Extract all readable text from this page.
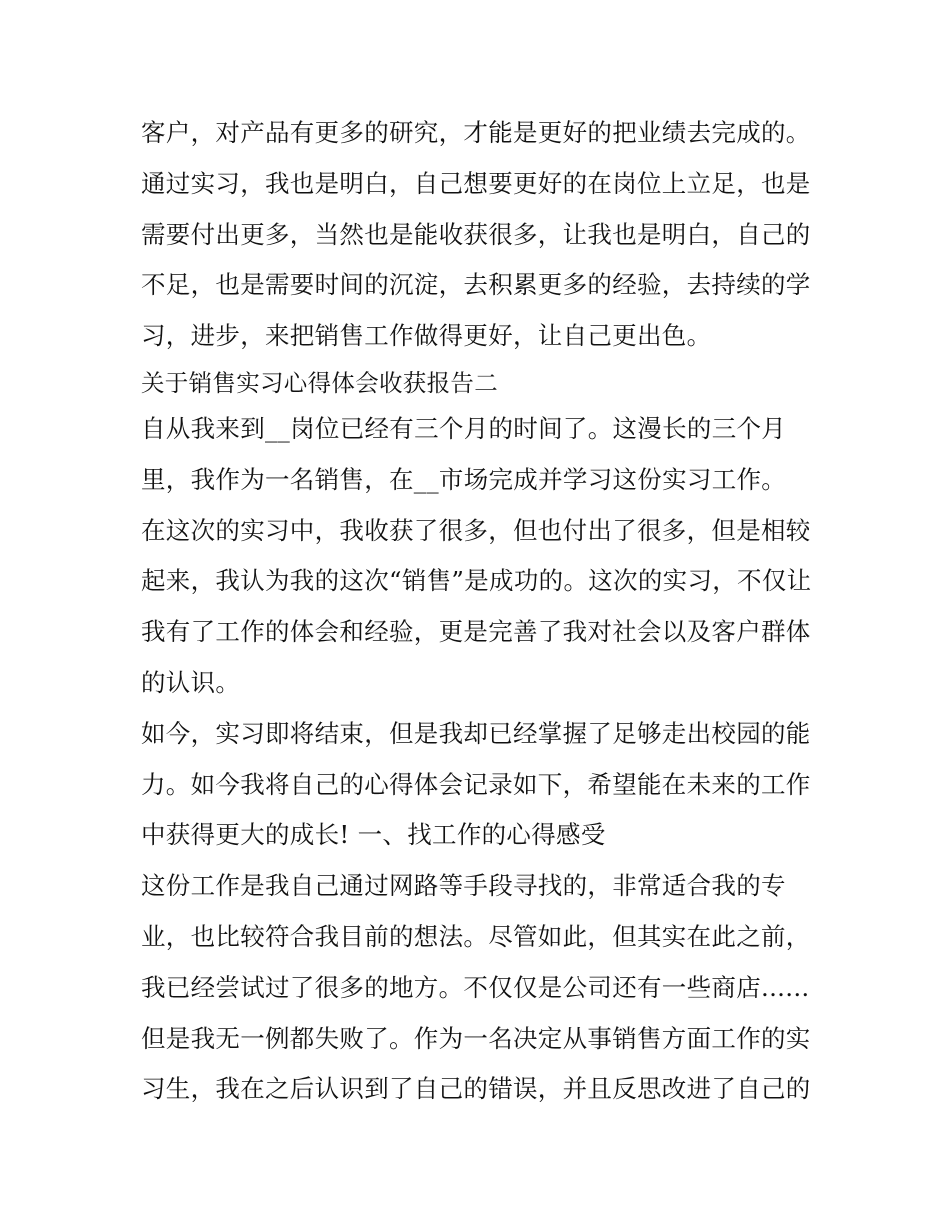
客户，对产品有更多的研究，才能是更好的把业绩去完成的。
通过实习，我也是明白，自己想要更好的在岗位上立足，也是
需要付出更多，当然也是能收获很多，让我也是明白，自己的
不足，也是需要时间的沉淀，去积累更多的经验，去持续的学
习，进步，来把销售工作做得更好，让自己更出色。
关于销售实习心得体会收获报告二
自从我来到__岗位已经有三个月的时间了。这漫长的三个月
里，我作为一名销售，在__市场完成并学习这份实习工作。
在这次的实习中，我收获了很多，但也付出了很多，但是相较
起来，我认为我的这次“销售”是成功的。这次的实习，不仅让
我有了工作的体会和经验，更是完善了我对社会以及客户群体
的认识。
如今，实习即将结束，但是我却已经掌握了足够走出校园的能
力。如今我将自己的心得体会记录如下，希望能在未来的工作
中获得更大的成长! 一、找工作的心得感受
这份工作是我自己通过网路等手段寻找的，非常适合我的专
业，也比较符合我目前的想法。尽管如此，但其实在此之前，
我已经尝试过了很多的地方。不仅仅是公司还有一些商店......
但是我无一例都失败了。作为一名决定从事销售方面工作的实
习生，我在之后认识到了自己的错误，并且反思改进了自己的
